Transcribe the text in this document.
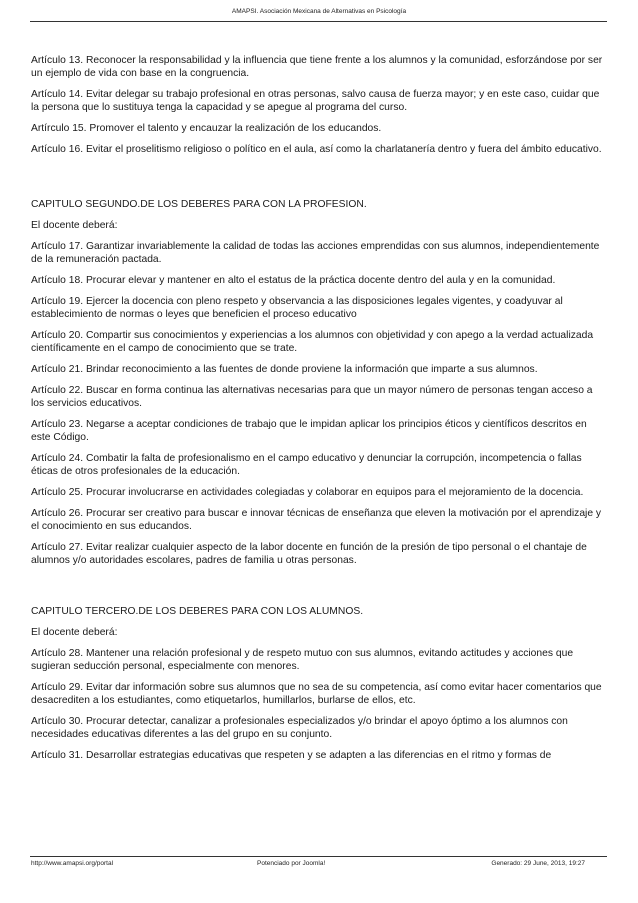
AMAPSI. Asociación Mexicana de Alternativas en Psicología

Artículo 13. Reconocer la responsabilidad y la influencia que tiene frente a los alumnos y la comunidad, esforzándose por ser un ejemplo de vida con base en la congruencia.

Artículo 14. Evitar delegar su trabajo profesional en otras personas, salvo causa de fuerza mayor; y en este caso, cuidar que la persona que lo sustituya tenga la capacidad y se apegue al programa del curso.

Artírculo 15. Promover el talento y encauzar la realización de los educandos.

Artículo 16. Evitar el proselitismo religioso o político en el aula, así como la charlatanería dentro y fuera del ámbito educativo.

CAPITULO SEGUNDO.DE LOS DEBERES PARA CON LA PROFESION.

El docente deberá:

Artículo 17. Garantizar invariablemente la calidad de todas las acciones emprendidas con sus alumnos, independientemente de la remuneración pactada.

Artículo 18. Procurar elevar y mantener en alto el estatus de la práctica docente dentro del aula y en la comunidad.

Artículo 19. Ejercer la docencia con pleno respeto y observancia a las disposiciones legales vigentes, y coadyuvar al establecimiento de normas o leyes que beneficien el proceso educativo

Artículo 20. Compartir sus conocimientos y experiencias a los alumnos con objetividad y con apego a la verdad actualizada científicamente en el campo de conocimiento que se trate.

Artículo 21. Brindar reconocimiento a las fuentes de donde proviene la información que imparte a sus alumnos.

Artículo 22. Buscar en forma continua las alternativas necesarias para que un mayor número de personas tengan acceso a los servicios educativos.

Artículo 23. Negarse a aceptar condiciones de trabajo que le impidan aplicar los principios éticos y científicos descritos en este Código.

Artículo 24. Combatir la falta de profesionalismo en el campo educativo y denunciar la corrupción, incompetencia o fallas éticas de otros profesionales de la educación.

Artículo 25. Procurar involucrarse en actividades colegiadas y colaborar en equipos para el mejoramiento de la docencia.

Artículo 26. Procurar ser creativo para buscar e innovar técnicas de enseñanza que eleven la motivación por el aprendizaje y el conocimiento en sus educandos.

Artículo 27. Evitar realizar cualquier aspecto de la labor docente en función de la presión de tipo personal o el chantaje de alumnos y/o autoridades escolares, padres de familia u otras personas.

CAPITULO TERCERO.DE LOS DEBERES PARA CON LOS ALUMNOS.

El docente deberá:

Artículo 28. Mantener una relación profesional y de respeto mutuo con sus alumnos, evitando actitudes y acciones que sugieran seducción personal, especialmente con menores.

Artículo 29. Evitar dar información sobre sus alumnos que no sea de su competencia, así como evitar hacer comentarios que desacrediten a los estudiantes, como etiquetarlos, humillarlos, burlarse de ellos, etc.

Artículo 30. Procurar detectar, canalizar a profesionales especializados y/o brindar el apoyo óptimo a los alumnos con necesidades educativas diferentes a las del grupo en su conjunto.

Artículo 31. Desarrollar estrategias educativas que respeten y se adapten a las diferencias en el ritmo y formas de

http://www.amapsi.org/portal	Potenciado por Joomla!	Generado: 29 June, 2013, 19:27
